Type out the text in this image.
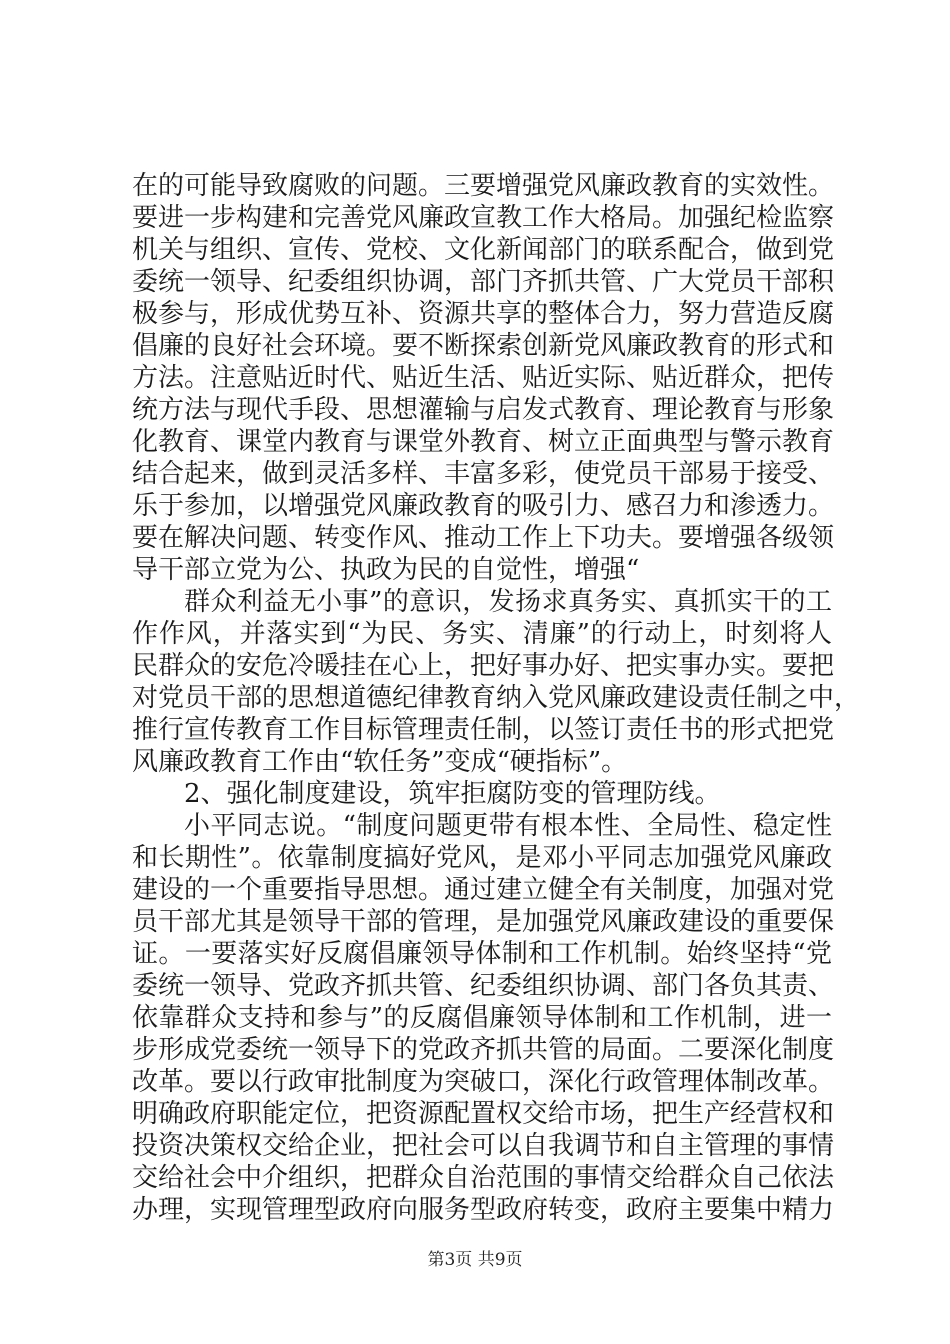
在的可能导致腐败的问题。三要增强党风廉政教育的实效性。
要进一步构建和完善党风廉政宣教工作大格局。加强纪检监察
机关与组织、宣传、党校、文化新闻部门的联系配合，做到党
委统一领导、纪委组织协调，部门齐抓共管、广大党员干部积
极参与，形成优势互补、资源共享的整体合力，努力营造反腐
倡廉的良好社会环境。要不断探索创新党风廉政教育的形式和
方法。注意贴近时代、贴近生活、贴近实际、贴近群众，把传
统方法与现代手段、思想灌输与启发式教育、理论教育与形象
化教育、课堂内教育与课堂外教育、树立正面典型与警示教育
结合起来，做到灵活多样、丰富多彩，使党员干部易于接受、
乐于参加，以增强党风廉政教育的吸引力、感召力和渗透力。
要在解决问题、转变作风、推动工作上下功夫。要增强各级领
导干部立党为公、执政为民的自觉性，增强“
群众利益无小事”的意识，发扬求真务实、真抓实干的工
作作风，并落实到“为民、务实、清廉”的行动上，时刻将人
民群众的安危冷暖挂在心上，把好事办好、把实事办实。要把
对党员干部的思想道德纪律教育纳入党风廉政建设责任制之中，
推行宣传教育工作目标管理责任制，以签订责任书的形式把党
风廉政教育工作由“软任务”变成“硬指标”。
2、强化制度建设，筑牢拒腐防变的管理防线。
小平同志说。“制度问题更带有根本性、全局性、稳定性
和长期性”。依靠制度搞好党风，是邓小平同志加强党风廉政
建设的一个重要指导思想。通过建立健全有关制度，加强对党
员干部尤其是领导干部的管理，是加强党风廉政建设的重要保
证。一要落实好反腐倡廉领导体制和工作机制。始终坚持“党
委统一领导、党政齐抓共管、纪委组织协调、部门各负其责、
依靠群众支持和参与”的反腐倡廉领导体制和工作机制，进一
步形成党委统一领导下的党政齐抓共管的局面。二要深化制度
改革。要以行政审批制度为突破口，深化行政管理体制改革。
明确政府职能定位，把资源配置权交给市场，把生产经营权和
投资决策权交给企业，把社会可以自我调节和自主管理的事情
交给社会中介组织，把群众自治范围的事情交给群众自己依法
办理，实现管理型政府向服务型政府转变，政府主要集中精力
第3页 共9页
